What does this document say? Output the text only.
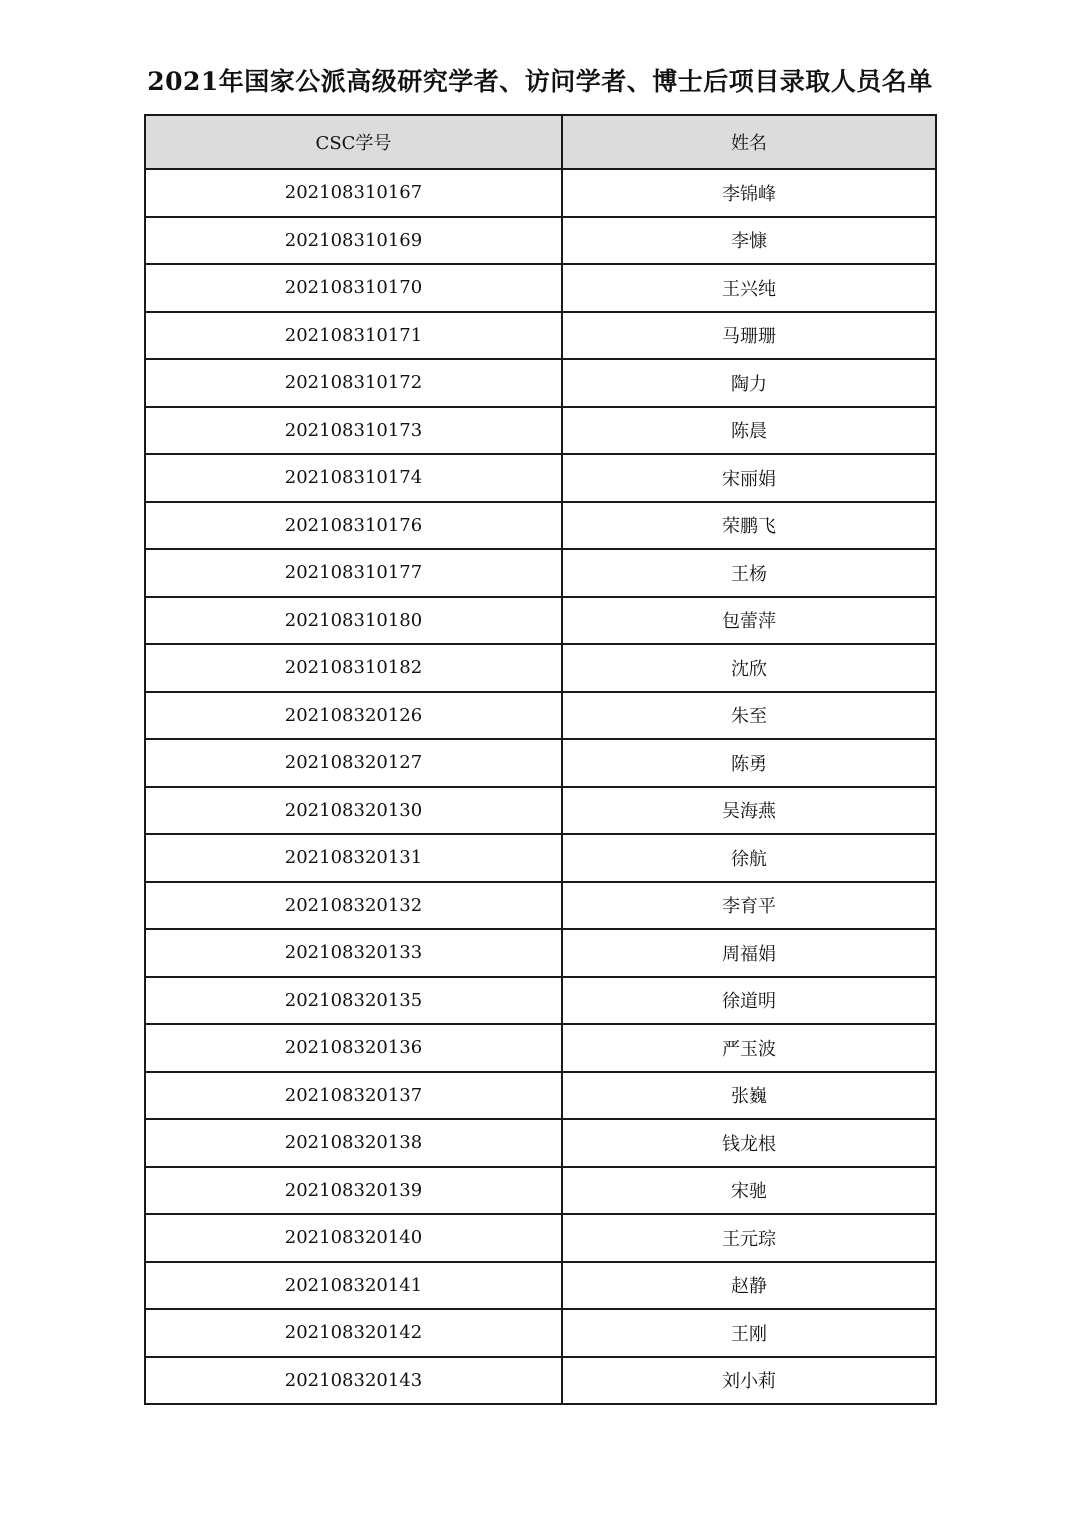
2021年国家公派高级研究学者、访问学者、博士后项目录取人员名单
CSC学号	姓名
202108310167	李锦峰
202108310169	李慷
202108310170	王兴纯
202108310171	马珊珊
202108310172	陶力
202108310173	陈晨
202108310174	宋丽娟
202108310176	荣鹏飞
202108310177	王杨
202108310180	包蕾萍
202108310182	沈欣
202108320126	朱至
202108320127	陈勇
202108320130	吴海燕
202108320131	徐航
202108320132	李育平
202108320133	周福娟
202108320135	徐道明
202108320136	严玉波
202108320137	张巍
202108320138	钱龙根
202108320139	宋驰
202108320140	王元琮
202108320141	赵静
202108320142	王刚
202108320143	刘小莉
